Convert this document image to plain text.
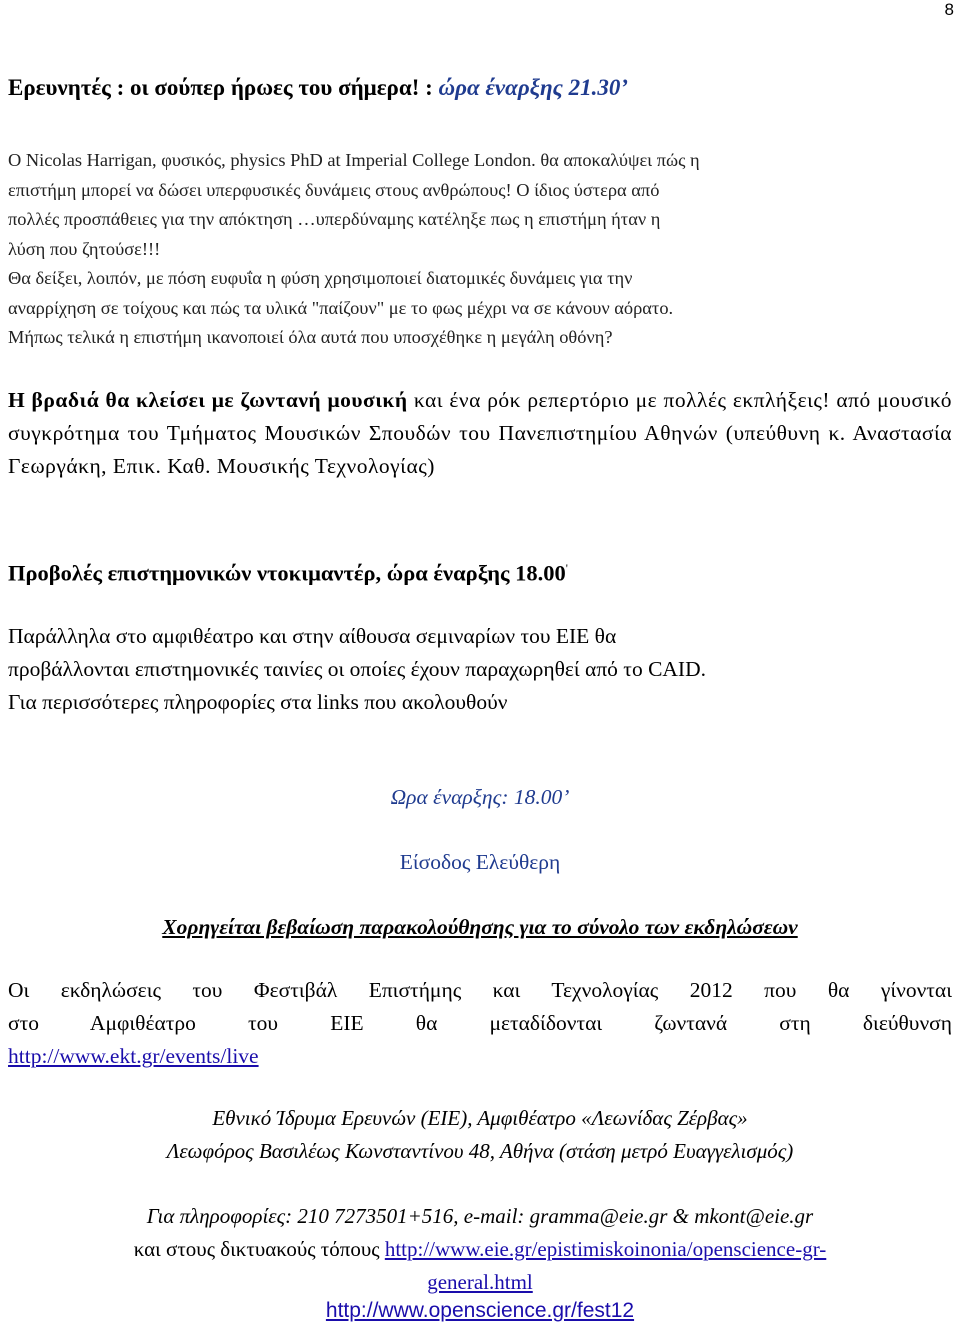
8
Ερευνητές : οι σούπερ ήρωες του σήμερα! : ώρα έναρξης 21.30’
Ο Nicolas Harrigan, φυσικός, physics PhD at Imperial College London. θα αποκαλύψει πώς η
επιστήμη μπορεί να δώσει υπερφυσικές δυνάμεις στους ανθρώπους! Ο ίδιος ύστερα από
πολλές προσπάθειες για την απόκτηση …υπερδύναμης κατέληξε πως η επιστήμη ήταν η
λύση που ζητούσε!!!
Θα δείξει, λοιπόν, με πόση ευφυΐα η φύση χρησιμοποιεί διατομικές δυνάμεις για την
αναρρίχηση σε τοίχους και πώς τα υλικά "παίζουν" με το φως μέχρι να σε κάνουν αόρατο.
Μήπως τελικά η επιστήμη ικανοποιεί όλα αυτά που υποσχέθηκε η μεγάλη οθόνη?
Η βραδιά θα κλείσει με ζωντανή μουσική και ένα ρόκ ρεπερτόριο με πολλές εκπλήξεις! από μουσικό συγκρότημα του Τμήματος Μουσικών Σπουδών του Πανεπιστημίου Αθηνών (υπεύθυνη κ. Αναστασία Γεωργάκη, Επικ. Καθ. Μουσικής Τεχνολογίας)
Προβολές επιστημονικών ντοκιμαντέρ, ώρα έναρξης 18.00'
Παράλληλα στο αμφιθέατρο και στην αίθουσα σεμιναρίων του ΕΙΕ θα
προβάλλονται επιστημονικές ταινίες οι οποίες έχουν παραχωρηθεί από το CAID.
Για περισσότερες πληροφορίες στα links που ακολουθούν
Ωρα έναρξης: 18.00’
Είσοδος Ελεύθερη
Χορηγείται βεβαίωση παρακολούθησης για το σύνολο των εκδηλώσεων
Οι εκδηλώσεις του Φεστιβάλ Επιστήμης και Τεχνολογίας 2012 που θα γίνονται
στο Αμφιθέατρο του ΕΙΕ θα μεταδίδονται ζωντανά στη διεύθυνση
http://www.ekt.gr/events/live
Εθνικό Ίδρυμα Ερευνών (ΕΙΕ), Αμφιθέατρο «Λεωνίδας Ζέρβας»
Λεωφόρος Βασιλέως Κωνσταντίνου 48, Αθήνα (στάση μετρό Ευαγγελισμός)
Για πληροφορίες: 210 7273501+516, e-mail: gramma@eie.gr & mkont@eie.gr
και στους δικτυακούς τόπους http://www.eie.gr/epistimiskoinonia/openscience-gr-
general.html
http://www.openscience.gr/fest12
